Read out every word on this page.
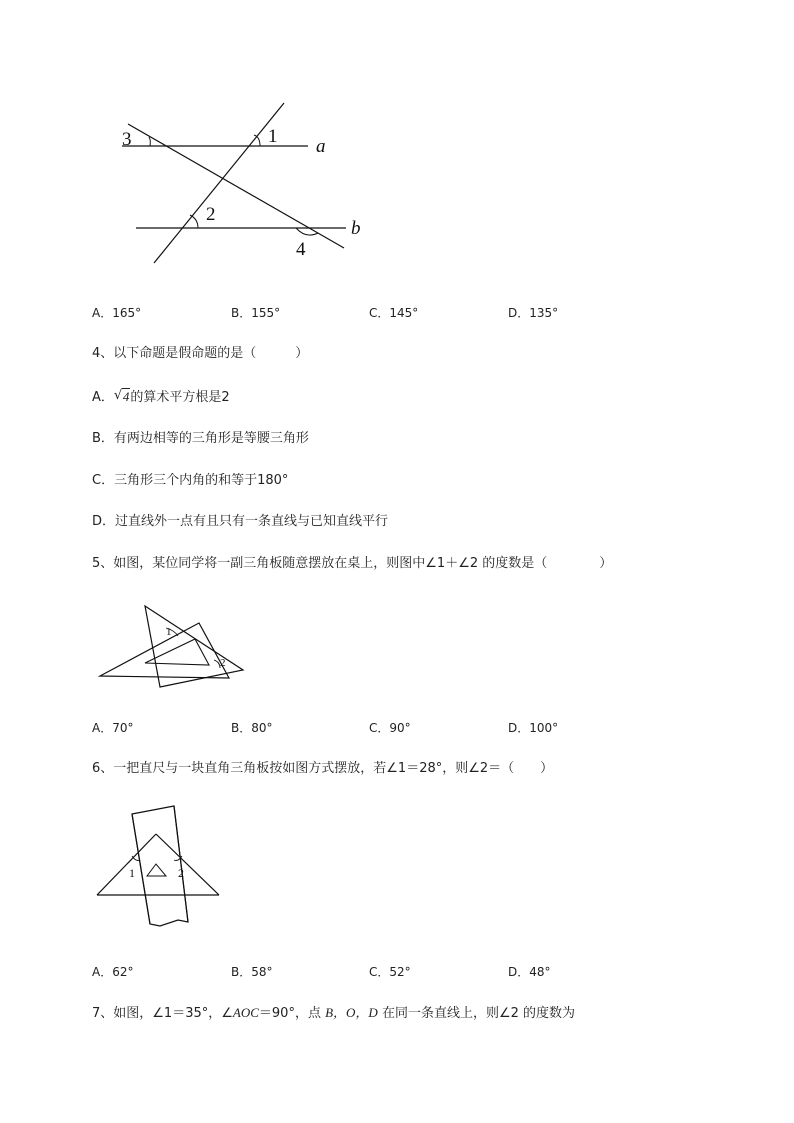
3	1 a
2
b
4
A．165°	B．155°	C．145°	D．135°
4、以下命题是假命题的是（　　　）
A． √ 4的算术平方根是2
B．有两边相等的三角形是等腰三角形
C．三角形三个内角的和等于180°
D．过直线外一点有且只有一条直线与已知直线平行
5、如图，某位同学将一副三角板随意摆放在桌上，则图中∠1＋∠2 的度数是（　　　　）
1
2
A．70°	B．80°	C．90°	D．100°
6、一把直尺与一块直角三角板按如图方式摆放，若∠1＝28°，则∠2＝（　　）
1	2
A．62°	B．58°	C．52°	D．48°
7、如图，∠1＝35°，∠AOC＝90°，点 B，O，D 在同一条直线上，则∠2 的度数为
